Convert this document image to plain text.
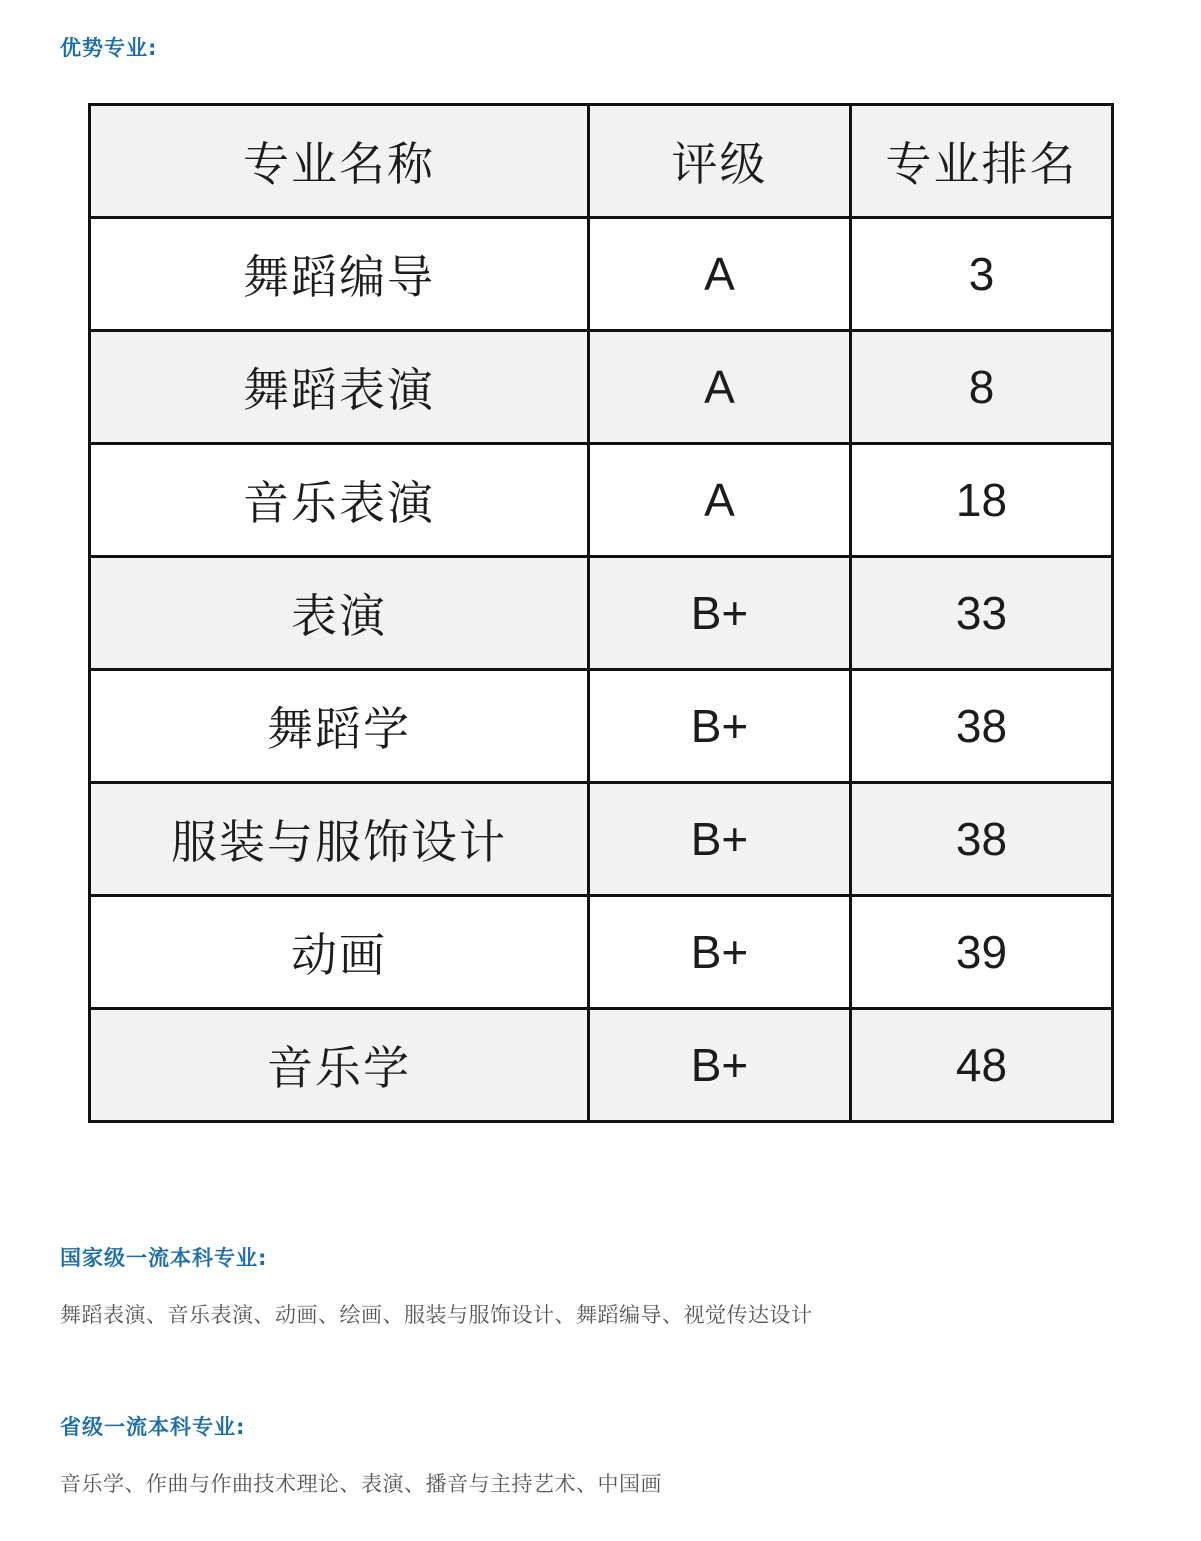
优势专业:
专业名称	评级	专业排名
舞蹈编导	A	3
舞蹈表演	A	8
音乐表演	A	18
表演	B+	33
舞蹈学	B+	38
服装与服饰设计	B+	38
动画	B+	39
音乐学	B+	48
国家级一流本科专业:

舞蹈表演、音乐表演、动画、绘画、服装与服饰设计、舞蹈编导、视觉传达设计

省级一流本科专业:

音乐学、作曲与作曲技术理论、表演、播音与主持艺术、中国画
